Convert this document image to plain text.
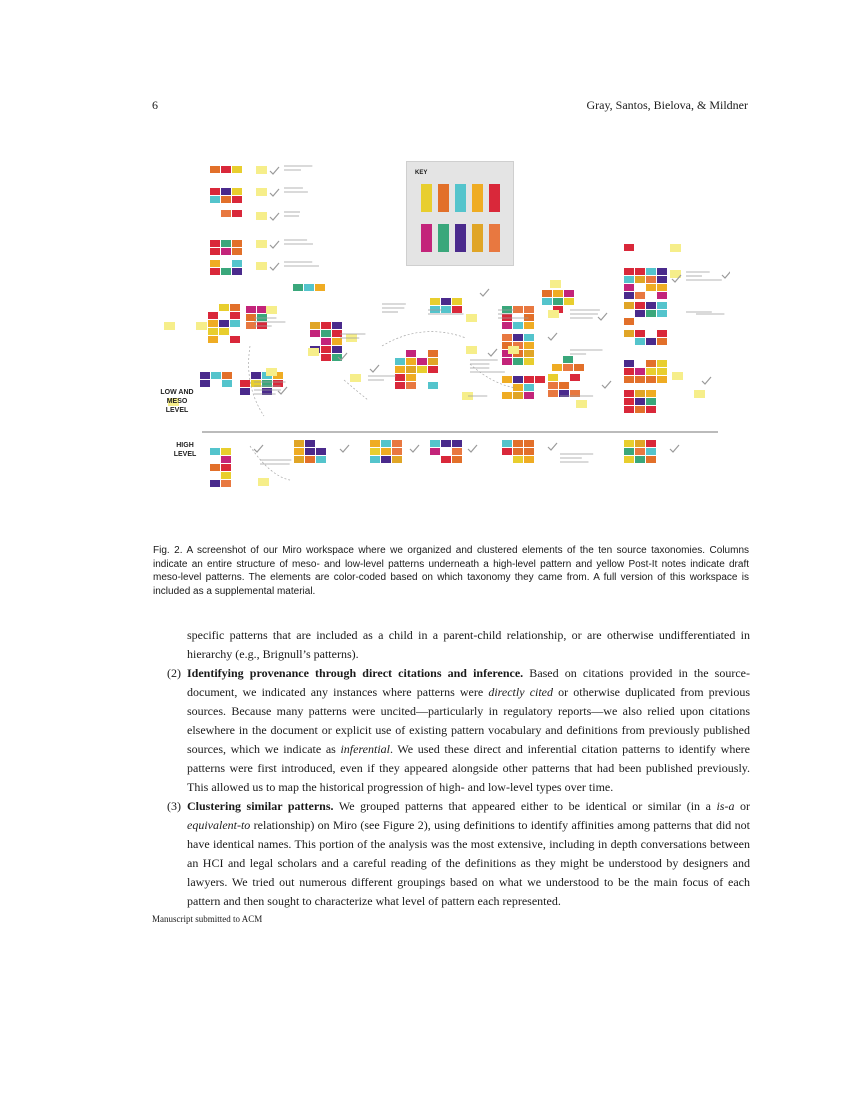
6	Gray, Santos, Bielova, & Mildner
KEY
LOW AND MESO LEVEL
HIGH LEVEL
Fig. 2. A screenshot of our Miro workspace where we organized and clustered elements of the ten source taxonomies. Columns indicate an entire structure of meso- and low-level patterns underneath a high-level pattern and yellow Post-It notes indicate draft meso-level patterns. The elements are color-coded based on which taxonomy they came from. A full version of this workspace is included as a supplemental material.

specific patterns that are included as a child in a parent-child relationship, or are otherwise undifferentiated in hierarchy (e.g., Brignull’s patterns).

(2) Identifying provenance through direct citations and inference. Based on citations provided in the source-document, we indicated any instances where patterns were directly cited or otherwise duplicated from previous sources. Because many patterns were uncited—particularly in regulatory reports—we also relied upon citations elsewhere in the document or explicit use of existing pattern vocabulary and definitions from previously published sources, which we indicate as inferential. We used these direct and inferential citation patterns to identify where patterns were first introduced, even if they appeared alongside other patterns that had been published previously. This allowed us to map the historical progression of high- and low-level types over time.
(3) Clustering similar patterns. We grouped patterns that appeared either to be identical or similar (in a is-a or equivalent-to relationship) on Miro (see Figure 2), using definitions to identify affinities among patterns that did not have identical names. This portion of the analysis was the most extensive, including in depth conversations between an HCI and legal scholars and a careful reading of the definitions as they might be understood by designers and lawyers. We tried out numerous different groupings based on what we understood to be the main focus of each pattern and then sought to characterize what level of pattern each represented.
Manuscript submitted to ACM
